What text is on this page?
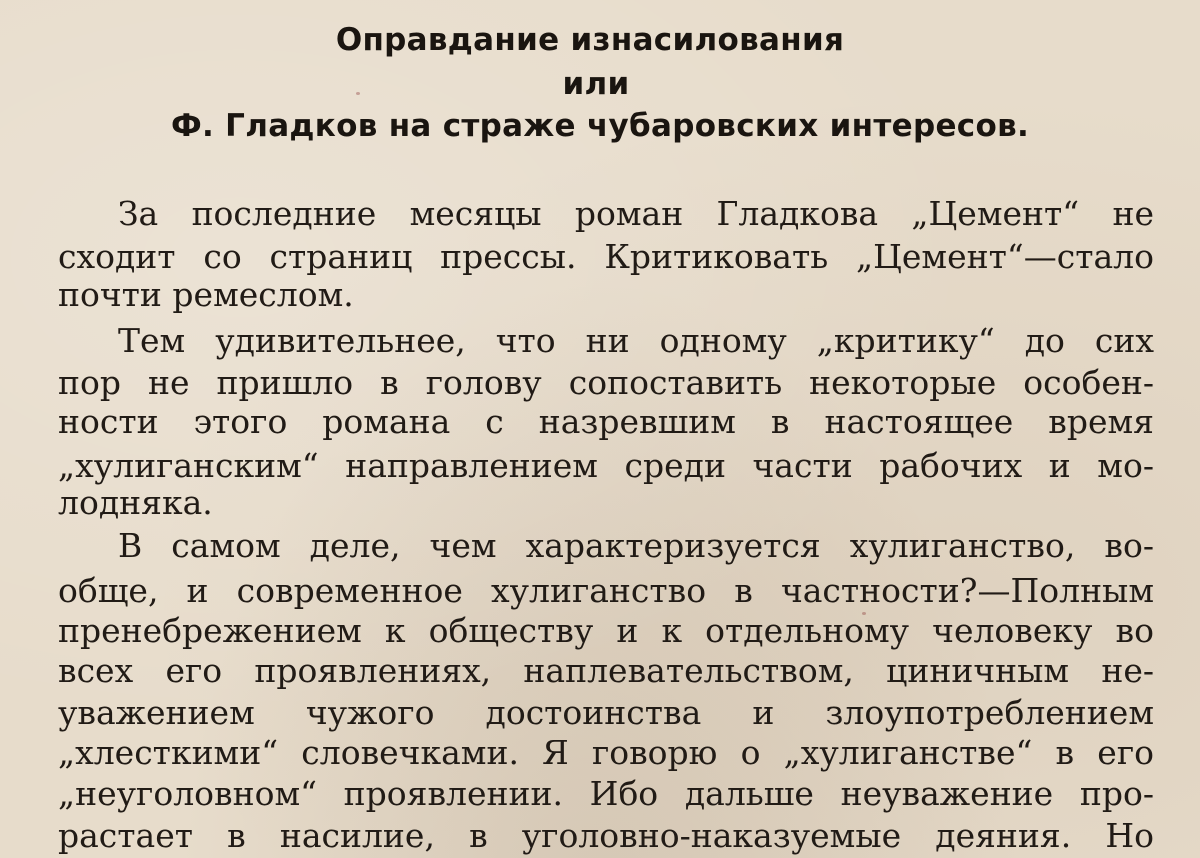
Оправдание изнасилования
или
Ф. Гладков на страже чубаровских интересов.
За последние месяцы роман Гладкова „Цемент“ не
сходит со страниц прессы. Критиковать „Цемент“—стало
почти ремеслом.
Тем удивительнее, что ни одному „критику“ до сих
пор не пришло в голову сопоставить некоторые особен-
ности этого романа с назревшим в настоящее время
„хулиганским“ направлением среди части рабочих и мо-
лодняка.
В самом деле, чем характеризуется хулиганство, во-
обще, и современное хулиганство в частности?—Полным
пренебрежением к обществу и к отдельному человеку во
всех его проявлениях, наплевательством, циничным не-
уважением чужого достоинства и злоупотреблением
„хлесткими“ словечками. Я говорю о „хулиганстве“ в его
„неуголовном“ проявлении. Ибо дальше неуважение про-
растает в насилие, в уголовно-наказуемые деяния. Но
